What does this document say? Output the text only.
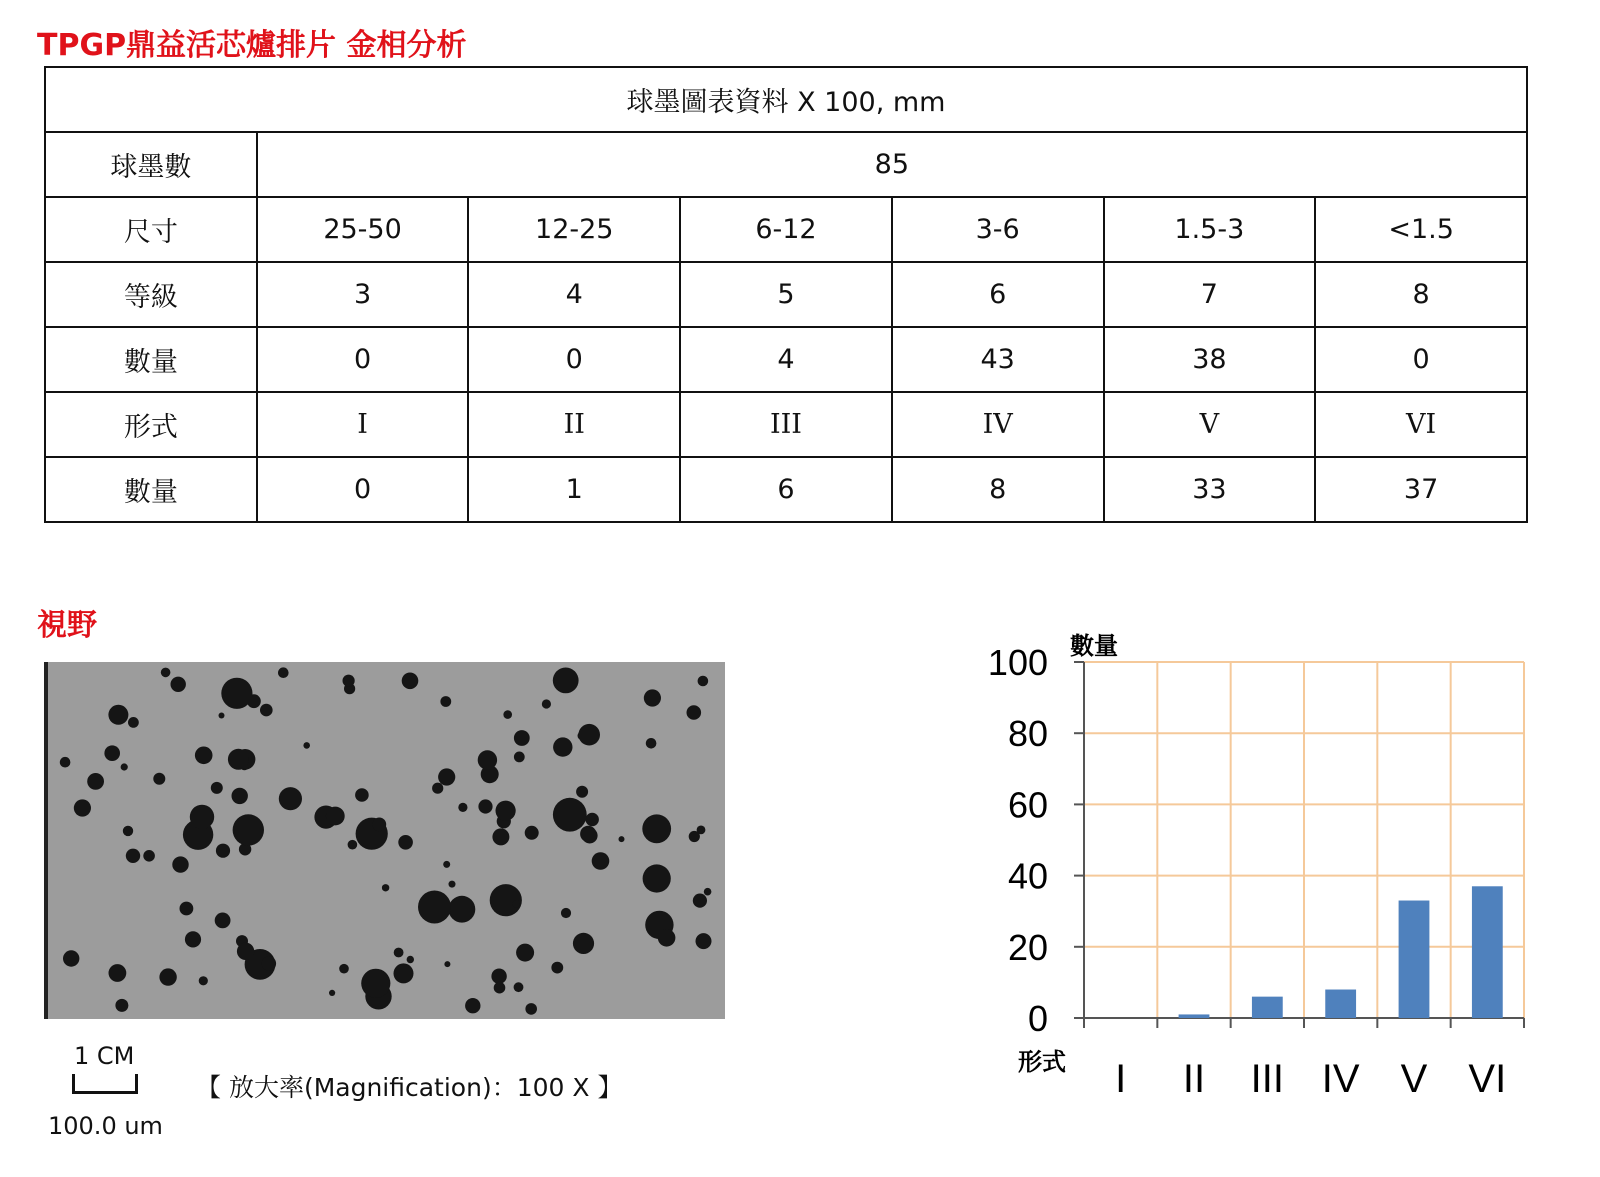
TPGP鼎益活芯爐排片 金相分析
球墨圖表資料 X 100, mm						
球墨數	85					
尺寸	25-50	12-25	6-12	3-6	1.5-3	<1.5
等級	3	4	5	6	7	8
數量	0	0	4	43	38	0
形式	I	II	III	IV	V	VI
數量	0	1	6	8	33	37
視野
1 CM
100.0 um
【 放大率(Magnification)：100 X 】
0
20
40
60
80
100
I II III IV V VI
數量
形式
